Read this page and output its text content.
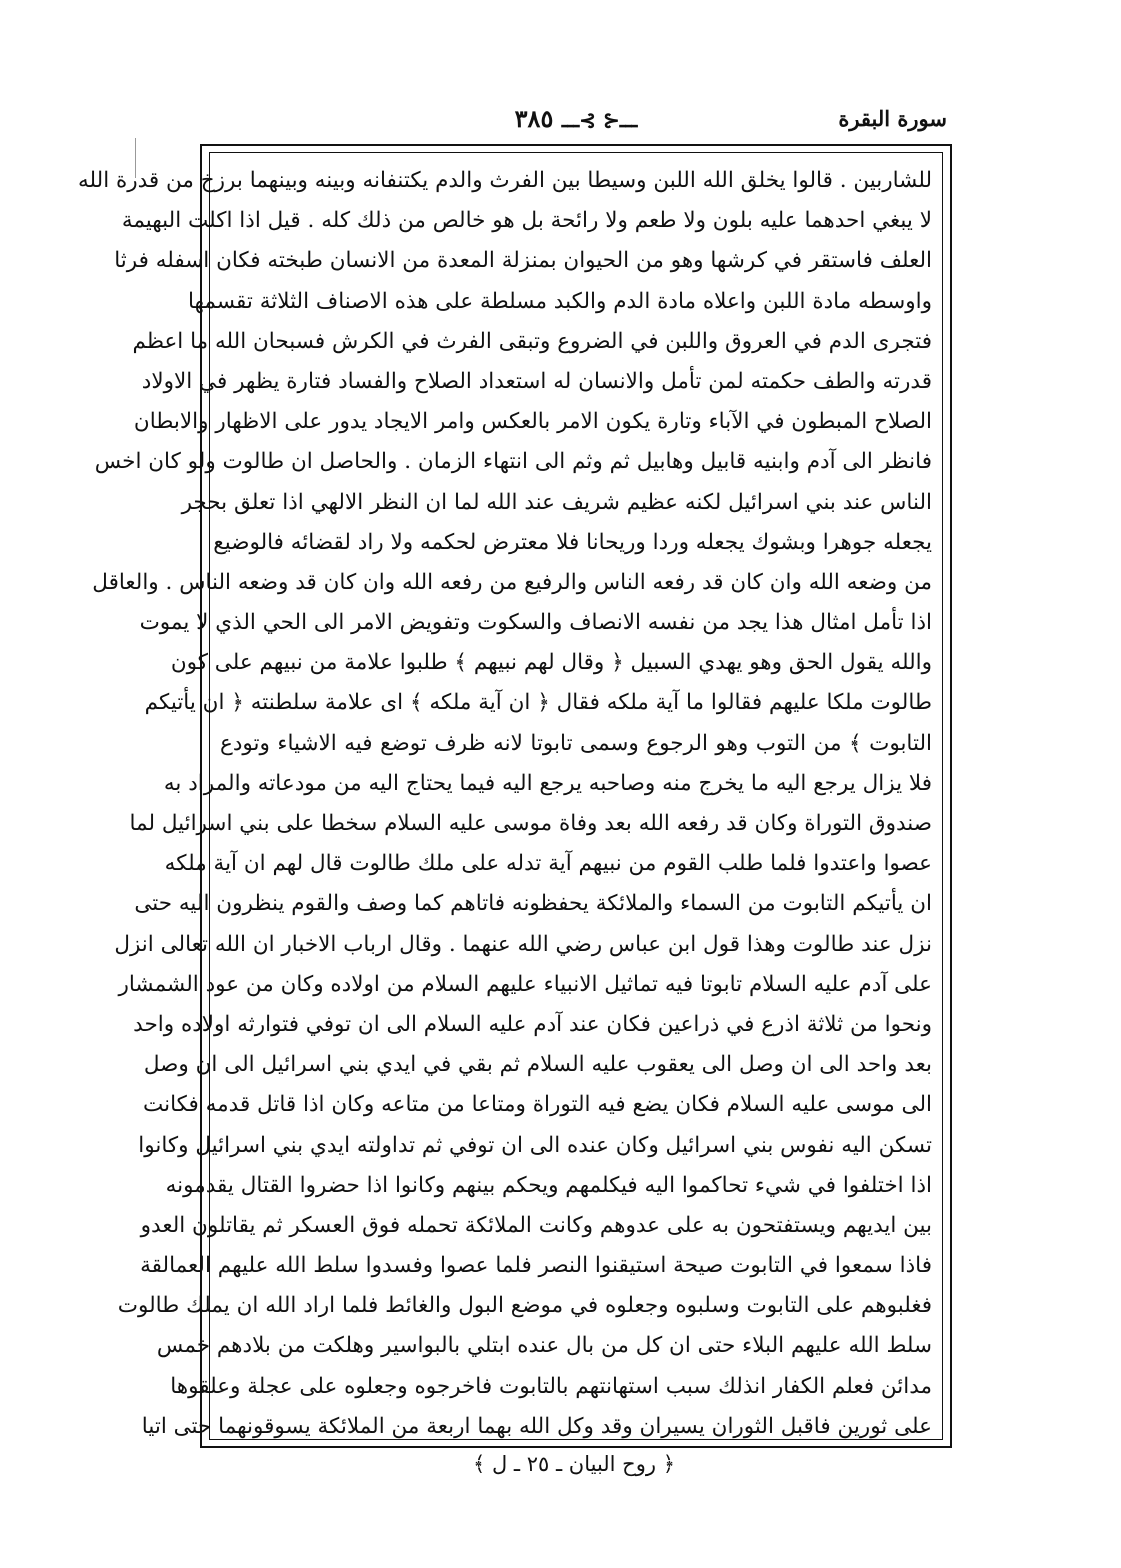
ـــ⊰ ⊱ـــ ٣٨٥	سورة البقرة
للشاربين . قالوا يخلق الله اللبن وسيطا بين الفرث والدم يكتنفانه وبينه وبينهما برزخ من قدرة الله
لا يبغي احدهما عليه بلون ولا طعم ولا رائحة بل هو خالص من ذلك كله . قيل اذا اكلت البهيمة
العلف فاستقر في كرشها وهو من الحيوان بمنزلة المعدة من الانسان طبخته فكان اسفله فرثا
واوسطه مادة اللبن واعلاه مادة الدم والكبد مسلطة على هذه الاصناف الثلاثة تقسمها
فتجرى الدم في العروق واللبن في الضروع وتبقى الفرث في الكرش فسبحان الله ما اعظم
قدرته والطف حكمته لمن تأمل والانسان له استعداد الصلاح والفساد فتارة يظهر في الاولاد
الصلاح المبطون في الآباء وتارة يكون الامر بالعكس وامر الايجاد يدور على الاظهار والابطان
فانظر الى آدم وابنيه قابيل وهابيل ثم وثم الى انتهاء الزمان . والحاصل ان طالوت ولو كان اخس
الناس عند بني اسرائيل لكنه عظيم شريف عند الله لما ان النظر الالهي اذا تعلق بحجر
يجعله جوهرا وبشوك يجعله وردا وريحانا فلا معترض لحكمه ولا راد لقضائه فالوضيع
من وضعه الله وان كان قد رفعه الناس والرفيع من رفعه الله وان كان قد وضعه الناس . والعاقل
اذا تأمل امثال هذا يجد من نفسه الانصاف والسكوت وتفويض الامر الى الحي الذي لا يموت
والله يقول الحق وهو يهدي السبيل ﴿ وقال لهم نبيهم ﴾ طلبوا علامة من نبيهم على كون
طالوت ملكا عليهم فقالوا ما آية ملكه فقال ﴿ ان آية ملكه ﴾ اى علامة سلطنته ﴿ ان يأتيكم
التابوت ﴾ من التوب وهو الرجوع وسمى تابوتا لانه ظرف توضع فيه الاشياء وتودع
فلا يزال يرجع اليه ما يخرج منه وصاحبه يرجع اليه فيما يحتاج اليه من مودعاته والمراد به
صندوق التوراة وكان قد رفعه الله بعد وفاة موسى عليه السلام سخطا على بني اسرائيل لما
عصوا واعتدوا فلما طلب القوم من نبيهم آية تدله على ملك طالوت قال لهم ان آية ملكه
ان يأتيكم التابوت من السماء والملائكة يحفظونه فاتاهم كما وصف والقوم ينظرون اليه حتى
نزل عند طالوت وهذا قول ابن عباس رضي الله عنهما . وقال ارباب الاخبار ان الله تعالى انزل
على آدم عليه السلام تابوتا فيه تماثيل الانبياء عليهم السلام من اولاده وكان من عود الشمشار
ونحوا من ثلاثة اذرع في ذراعين فكان عند آدم عليه السلام الى ان توفي فتوارثه اولاده واحد
بعد واحد الى ان وصل الى يعقوب عليه السلام ثم بقي في ايدي بني اسرائيل الى ان وصل
الى موسى عليه السلام فكان يضع فيه التوراة ومتاعا من متاعه وكان اذا قاتل قدمه فكانت
تسكن اليه نفوس بني اسرائيل وكان عنده الى ان توفي ثم تداولته ايدي بني اسرائيل وكانوا
اذا اختلفوا في شيء تحاكموا اليه فيكلمهم ويحكم بينهم وكانوا اذا حضروا القتال يقدمونه
بين ايديهم ويستفتحون به على عدوهم وكانت الملائكة تحمله فوق العسكر ثم يقاتلون العدو
فاذا سمعوا في التابوت صيحة استيقنوا النصر فلما عصوا وفسدوا سلط الله عليهم العمالقة
فغلبوهم على التابوت وسلبوه وجعلوه في موضع البول والغائط فلما اراد الله ان يملك طالوت
سلط الله عليهم البلاء حتى ان كل من بال عنده ابتلي بالبواسير وهلكت من بلادهم خمس
مدائن فعلم الكفار انذلك سبب استهانتهم بالتابوت فاخرجوه وجعلوه على عجلة وعلقوها
على ثورين فاقبل الثوران يسيران وقد وكل الله بهما اربعة من الملائكة يسوقونهما حتى اتيا
﴿ روح البيان ـ ٢٥ ـ ل ﴾
